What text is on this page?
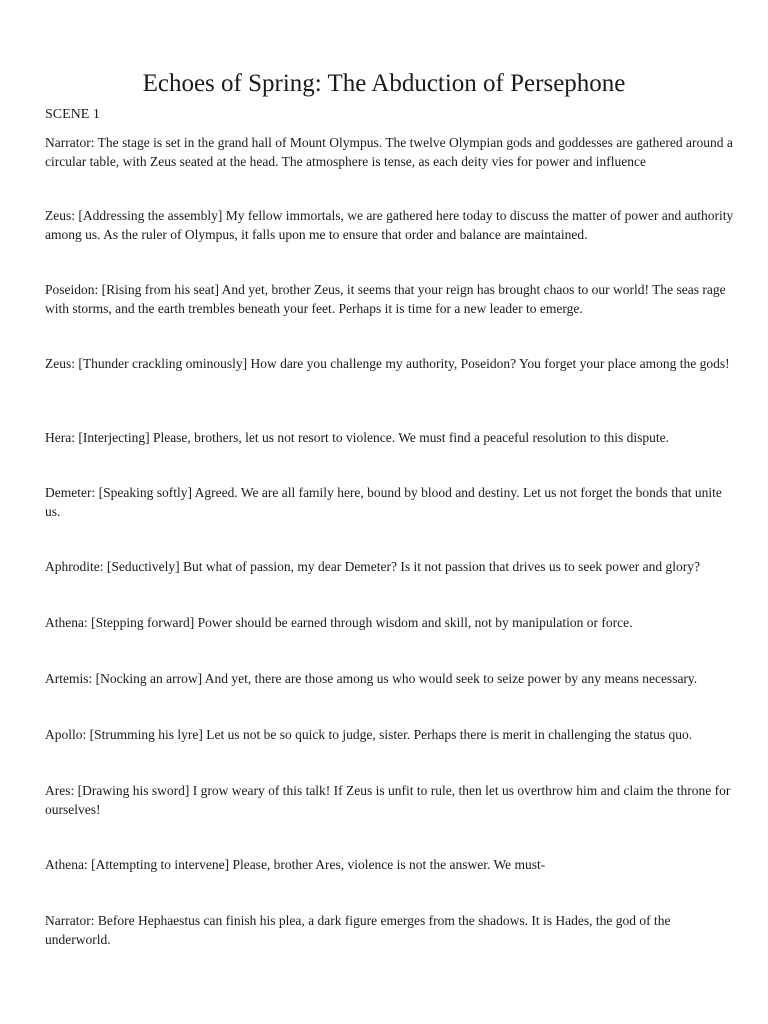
Echoes of Spring: The Abduction of Persephone

SCENE 1

Narrator: The stage is set in the grand hall of Mount Olympus. The twelve Olympian gods and goddesses are gathered around a circular table, with Zeus seated at the head. The atmosphere is tense, as each deity vies for power and influence

Zeus: [Addressing the assembly] My fellow immortals, we are gathered here today to discuss the matter of power and authority among us. As the ruler of Olympus, it falls upon me to ensure that order and balance are maintained.

Poseidon: [Rising from his seat] And yet, brother Zeus, it seems that your reign has brought chaos to our world! The seas rage with storms, and the earth trembles beneath your feet. Perhaps it is time for a new leader to emerge.

Zeus: [Thunder crackling ominously] How dare you challenge my authority, Poseidon? You forget your place among the gods!

Hera: [Interjecting] Please, brothers, let us not resort to violence. We must find a peaceful resolution to this dispute.

Demeter: [Speaking softly] Agreed. We are all family here, bound by blood and destiny. Let us not forget the bonds that unite us.

Aphrodite: [Seductively] But what of passion, my dear Demeter? Is it not passion that drives us to seek power and glory?

Athena: [Stepping forward] Power should be earned through wisdom and skill, not by manipulation or force.

Artemis: [Nocking an arrow] And yet, there are those among us who would seek to seize power by any means necessary.

Apollo: [Strumming his lyre] Let us not be so quick to judge, sister. Perhaps there is merit in challenging the status quo.

Ares: [Drawing his sword] I grow weary of this talk! If Zeus is unfit to rule, then let us overthrow him and claim the throne for ourselves!

Athena: [Attempting to intervene] Please, brother Ares, violence is not the answer. We must-

Narrator: Before Hephaestus can finish his plea, a dark figure emerges from the shadows. It is Hades, the god of the underworld.
